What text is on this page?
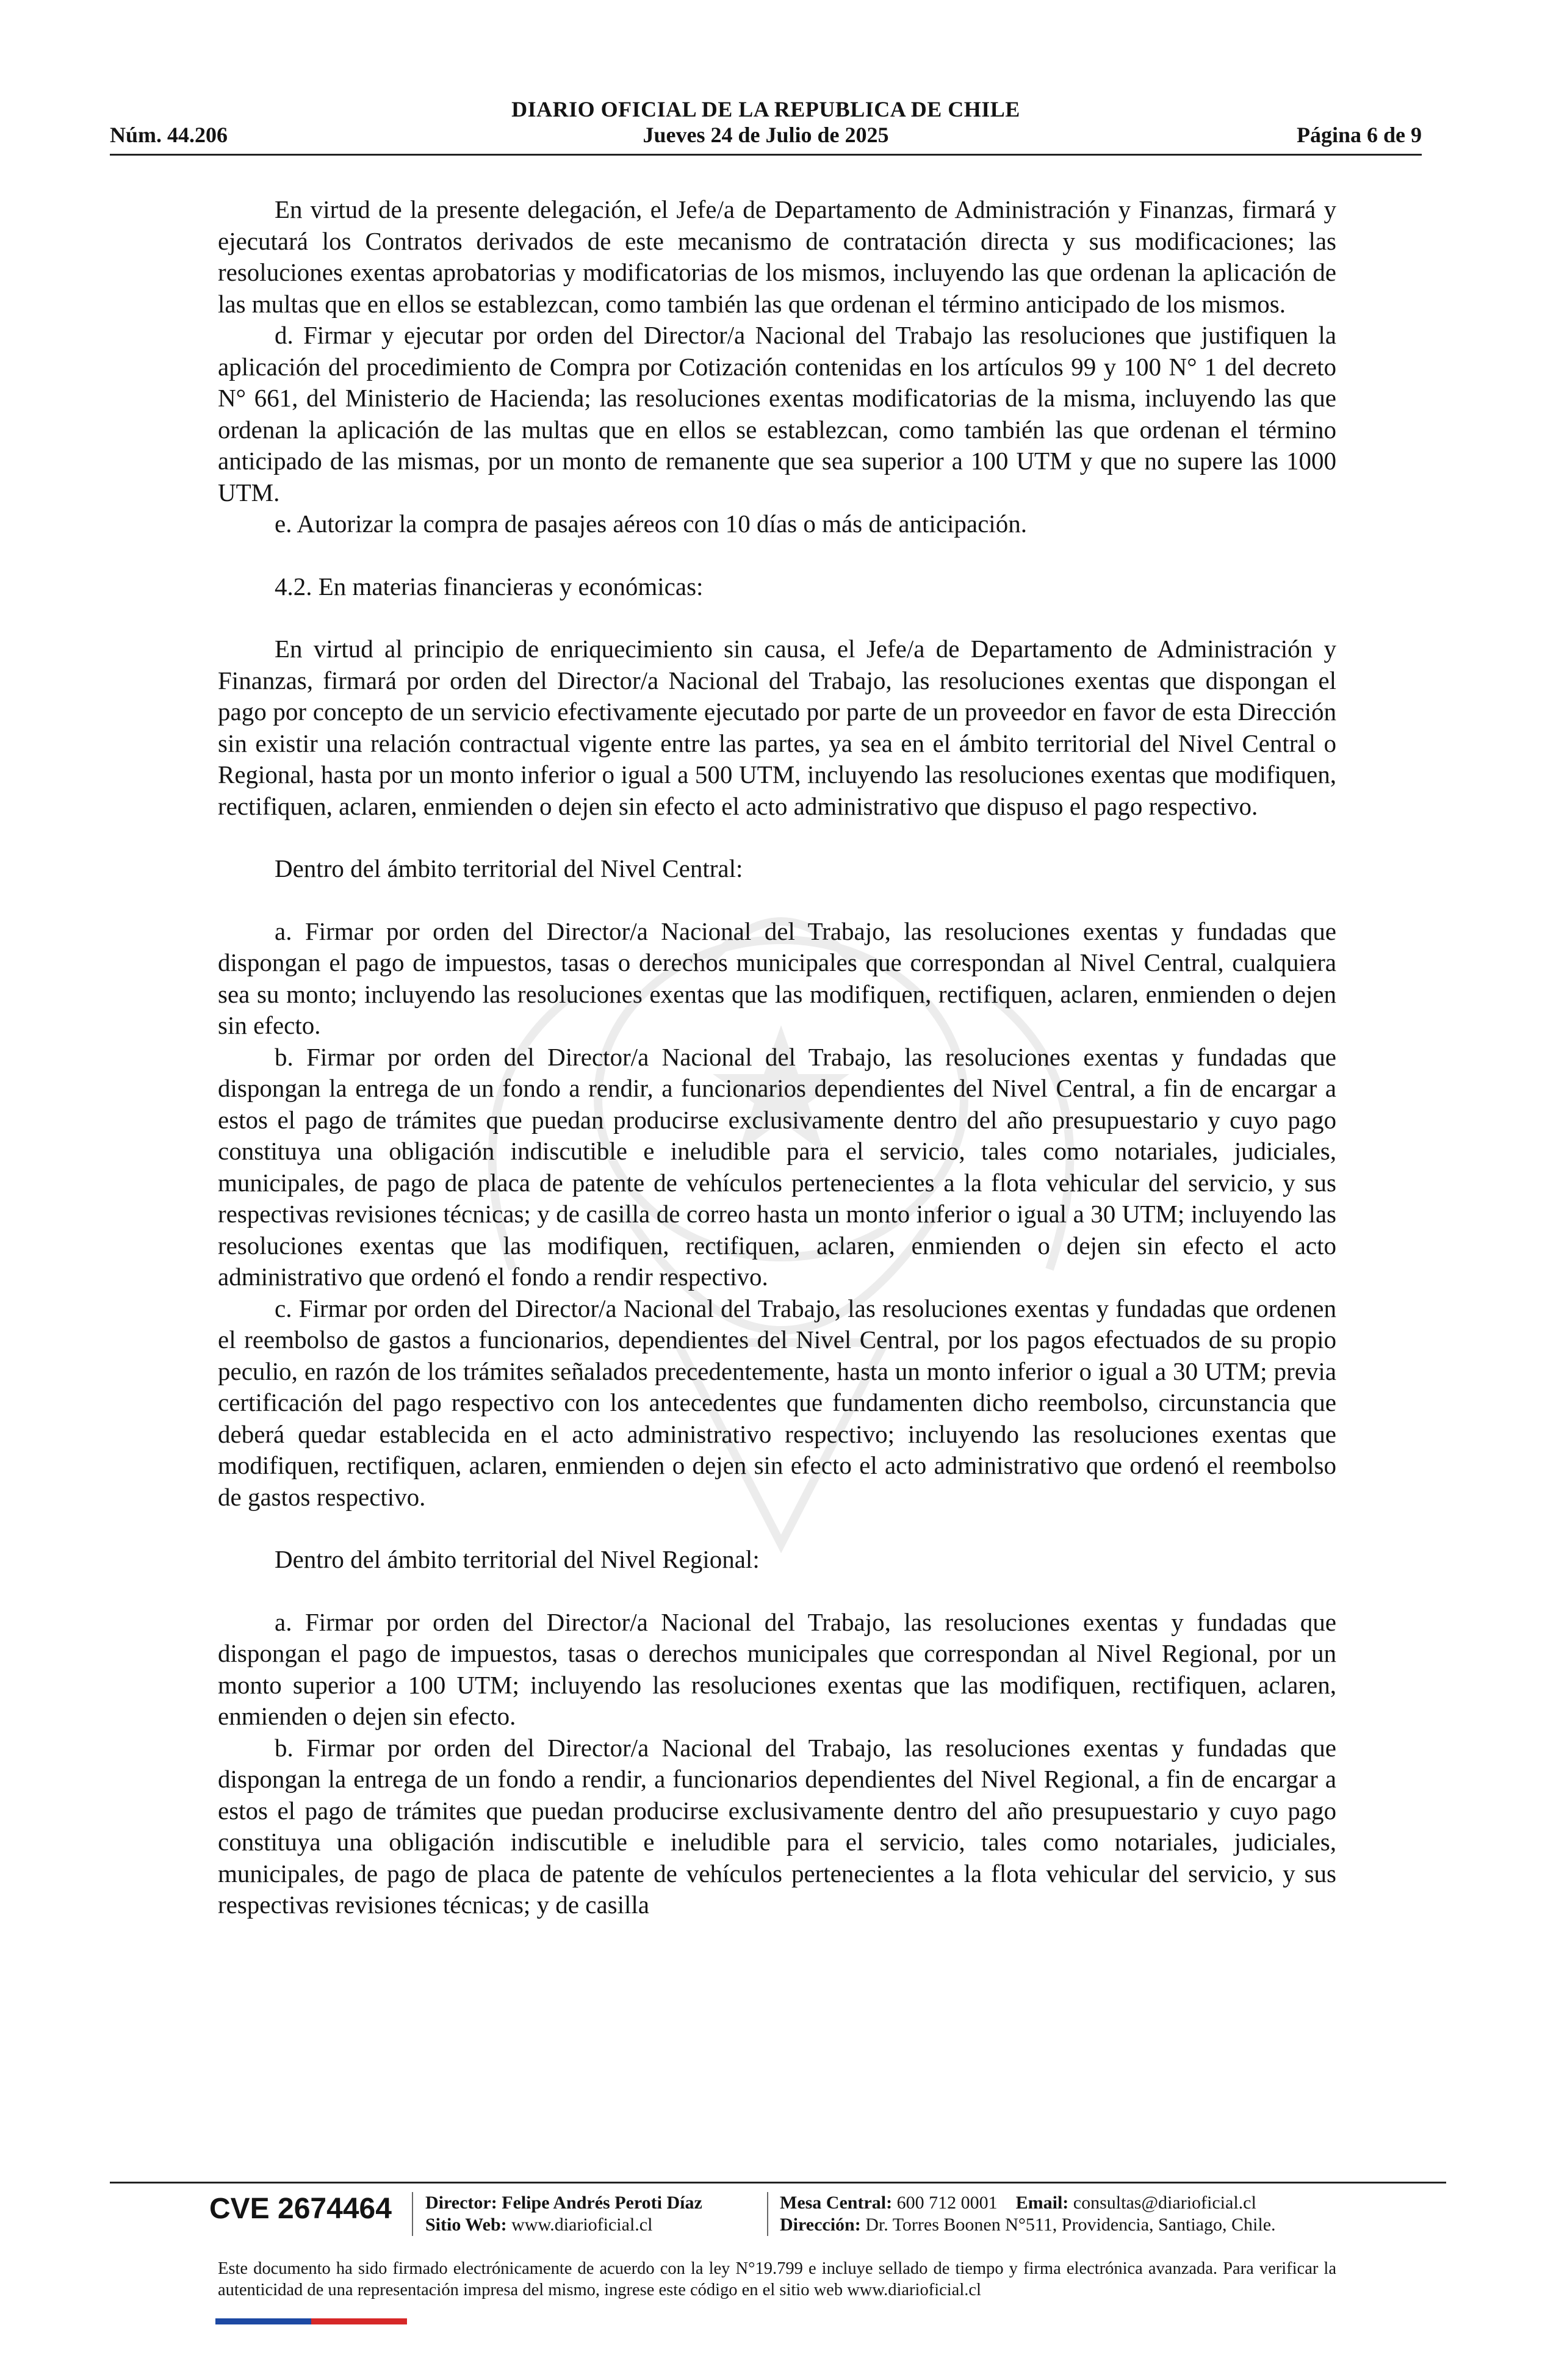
DIARIO OFICIAL DE LA REPUBLICA DE CHILE
Núm. 44.206	Jueves 24 de Julio de 2025	Página 6 de 9

En virtud de la presente delegación, el Jefe/a de Departamento de Administración y Finanzas, firmará y ejecutará los Contratos derivados de este mecanismo de contratación directa y sus modificaciones; las resoluciones exentas aprobatorias y modificatorias de los mismos, incluyendo las que ordenan la aplicación de las multas que en ellos se establezcan, como también las que ordenan el término anticipado de los mismos.

d. Firmar y ejecutar por orden del Director/a Nacional del Trabajo las resoluciones que justifiquen la aplicación del procedimiento de Compra por Cotización contenidas en los artículos 99 y 100 N° 1 del decreto N° 661, del Ministerio de Hacienda; las resoluciones exentas modificatorias de la misma, incluyendo las que ordenan la aplicación de las multas que en ellos se establezcan, como también las que ordenan el término anticipado de las mismas, por un monto de remanente que sea superior a 100 UTM y que no supere las 1000 UTM.

e. Autorizar la compra de pasajes aéreos con 10 días o más de anticipación.

4.2. En materias financieras y económicas:

En virtud al principio de enriquecimiento sin causa, el Jefe/a de Departamento de Administración y Finanzas, firmará por orden del Director/a Nacional del Trabajo, las resoluciones exentas que dispongan el pago por concepto de un servicio efectivamente ejecutado por parte de un proveedor en favor de esta Dirección sin existir una relación contractual vigente entre las partes, ya sea en el ámbito territorial del Nivel Central o Regional, hasta por un monto inferior o igual a 500 UTM, incluyendo las resoluciones exentas que modifiquen, rectifiquen, aclaren, enmienden o dejen sin efecto el acto administrativo que dispuso el pago respectivo.

Dentro del ámbito territorial del Nivel Central:

a. Firmar por orden del Director/a Nacional del Trabajo, las resoluciones exentas y fundadas que dispongan el pago de impuestos, tasas o derechos municipales que correspondan al Nivel Central, cualquiera sea su monto; incluyendo las resoluciones exentas que las modifiquen, rectifiquen, aclaren, enmienden o dejen sin efecto.

b. Firmar por orden del Director/a Nacional del Trabajo, las resoluciones exentas y fundadas que dispongan la entrega de un fondo a rendir, a funcionarios dependientes del Nivel Central, a fin de encargar a estos el pago de trámites que puedan producirse exclusivamente dentro del año presupuestario y cuyo pago constituya una obligación indiscutible e ineludible para el servicio, tales como notariales, judiciales, municipales, de pago de placa de patente de vehículos pertenecientes a la flota vehicular del servicio, y sus respectivas revisiones técnicas; y de casilla de correo hasta un monto inferior o igual a 30 UTM; incluyendo las resoluciones exentas que las modifiquen, rectifiquen, aclaren, enmienden o dejen sin efecto el acto administrativo que ordenó el fondo a rendir respectivo.

c. Firmar por orden del Director/a Nacional del Trabajo, las resoluciones exentas y fundadas que ordenen el reembolso de gastos a funcionarios, dependientes del Nivel Central, por los pagos efectuados de su propio peculio, en razón de los trámites señalados precedentemente, hasta un monto inferior o igual a 30 UTM; previa certificación del pago respectivo con los antecedentes que fundamenten dicho reembolso, circunstancia que deberá quedar establecida en el acto administrativo respectivo; incluyendo las resoluciones exentas que modifiquen, rectifiquen, aclaren, enmienden o dejen sin efecto el acto administrativo que ordenó el reembolso de gastos respectivo.

Dentro del ámbito territorial del Nivel Regional:

a. Firmar por orden del Director/a Nacional del Trabajo, las resoluciones exentas y fundadas que dispongan el pago de impuestos, tasas o derechos municipales que correspondan al Nivel Regional, por un monto superior a 100 UTM; incluyendo las resoluciones exentas que las modifiquen, rectifiquen, aclaren, enmienden o dejen sin efecto.

b. Firmar por orden del Director/a Nacional del Trabajo, las resoluciones exentas y fundadas que dispongan la entrega de un fondo a rendir, a funcionarios dependientes del Nivel Regional, a fin de encargar a estos el pago de trámites que puedan producirse exclusivamente dentro del año presupuestario y cuyo pago constituya una obligación indiscutible e ineludible para el servicio, tales como notariales, judiciales, municipales, de pago de placa de patente de vehículos pertenecientes a la flota vehicular del servicio, y sus respectivas revisiones técnicas; y de casilla

CVE 2674464 Director: Felipe Andrés Peroti Díaz
Sitio Web: www.diarioficial.cl
Mesa Central: 600 712 0001 Email: consultas@diarioficial.cl
Dirección: Dr. Torres Boonen N°511, Providencia, Santiago, Chile.
Este documento ha sido firmado electrónicamente de acuerdo con la ley N°19.799 e incluye sellado de tiempo y firma electrónica avanzada. Para verificar la autenticidad de una representación impresa del mismo, ingrese este código en el sitio web www.diarioficial.cl
